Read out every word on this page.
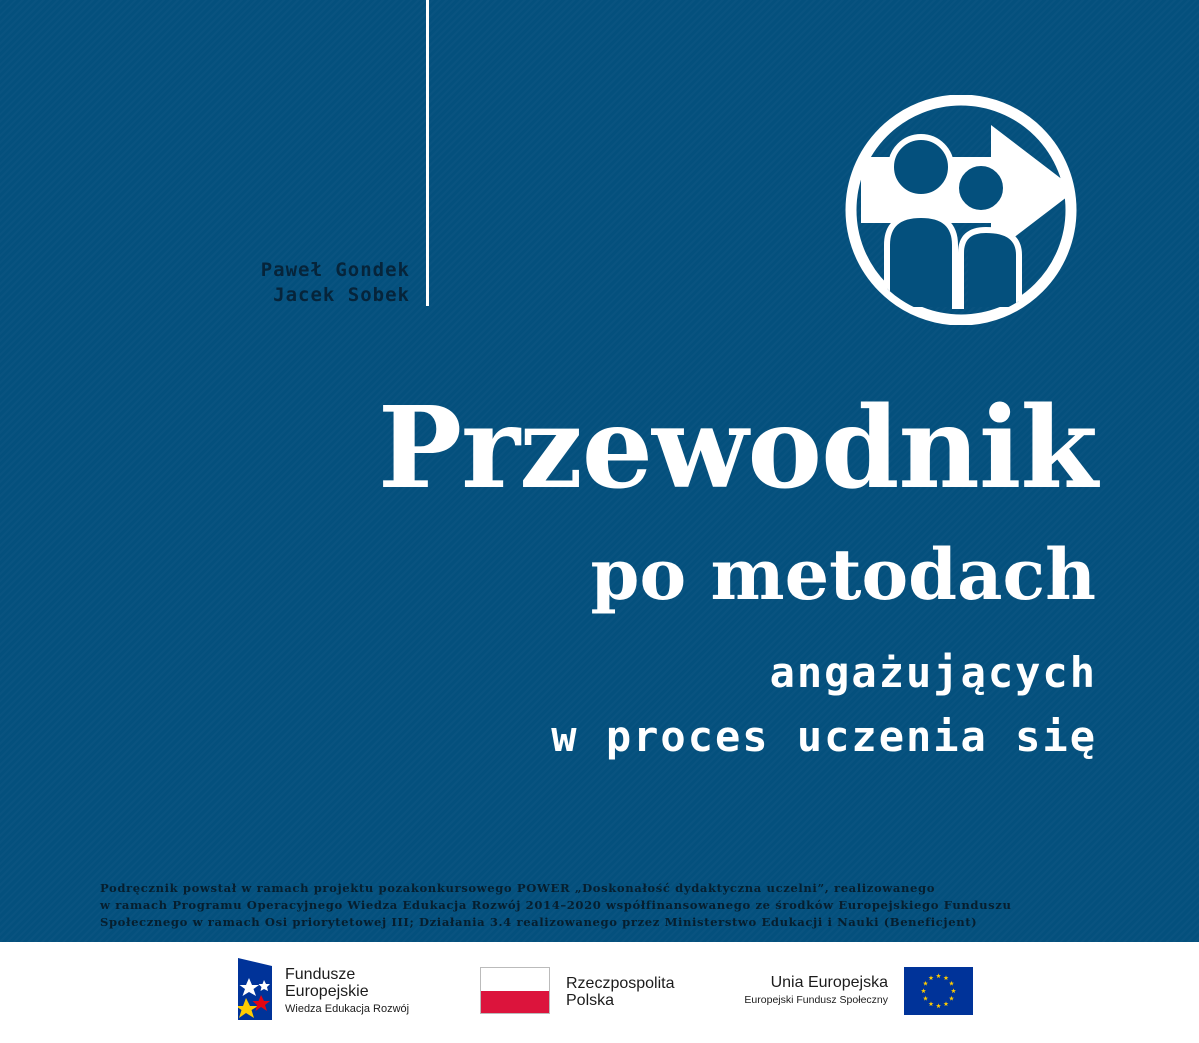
Paweł Gondek
Jacek Sobek
Przewodnik
po metodach
angażujących
w proces uczenia się

Podręcznik powstał w ramach projektu pozakonkursowego POWER „Doskonałość dydaktyczna uczelni”, realizowanego
w ramach Programu Operacyjnego Wiedza Edukacja Rozwój 2014–2020 współfinansowanego ze środków Europejskiego Funduszu
Społecznego w ramach Osi priorytetowej III; Działania 3.4 realizowanego przez Ministerstwo Edukacji i Nauki (Beneficjent)

Fundusze
Europejskie
Wiedza Edukacja Rozwój
Rzeczpospolita
Polska
Unia Europejska
Europejski Fundusz Społeczny
